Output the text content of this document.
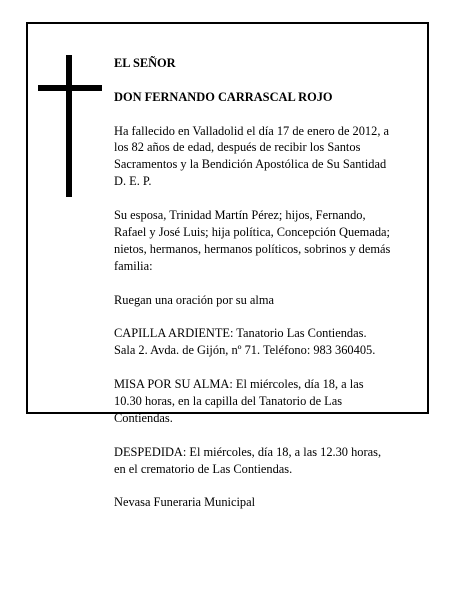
EL SEÑOR

DON FERNANDO CARRASCAL ROJO

Ha fallecido en Valladolid el día 17 de enero de 2012, a
los 82 años de edad, después de recibir los Santos
Sacramentos y la Bendición Apostólica de Su Santidad
D. E. P.

Su esposa, Trinidad Martín Pérez; hijos, Fernando,
Rafael y José Luis; hija política, Concepción Quemada;
nietos, hermanos, hermanos políticos, sobrinos y demás
familia:

Ruegan una oración por su alma

CAPILLA ARDIENTE: Tanatorio Las Contiendas.
Sala 2. Avda. de Gijón, nº 71. Teléfono: 983 360405.

MISA POR SU ALMA: El miércoles, día 18, a las
10.30 horas, en la capilla del Tanatorio de Las
Contiendas.

DESPEDIDA: El miércoles, día 18, a las 12.30 horas,
en el crematorio de Las Contiendas.

Nevasa Funeraria Municipal
